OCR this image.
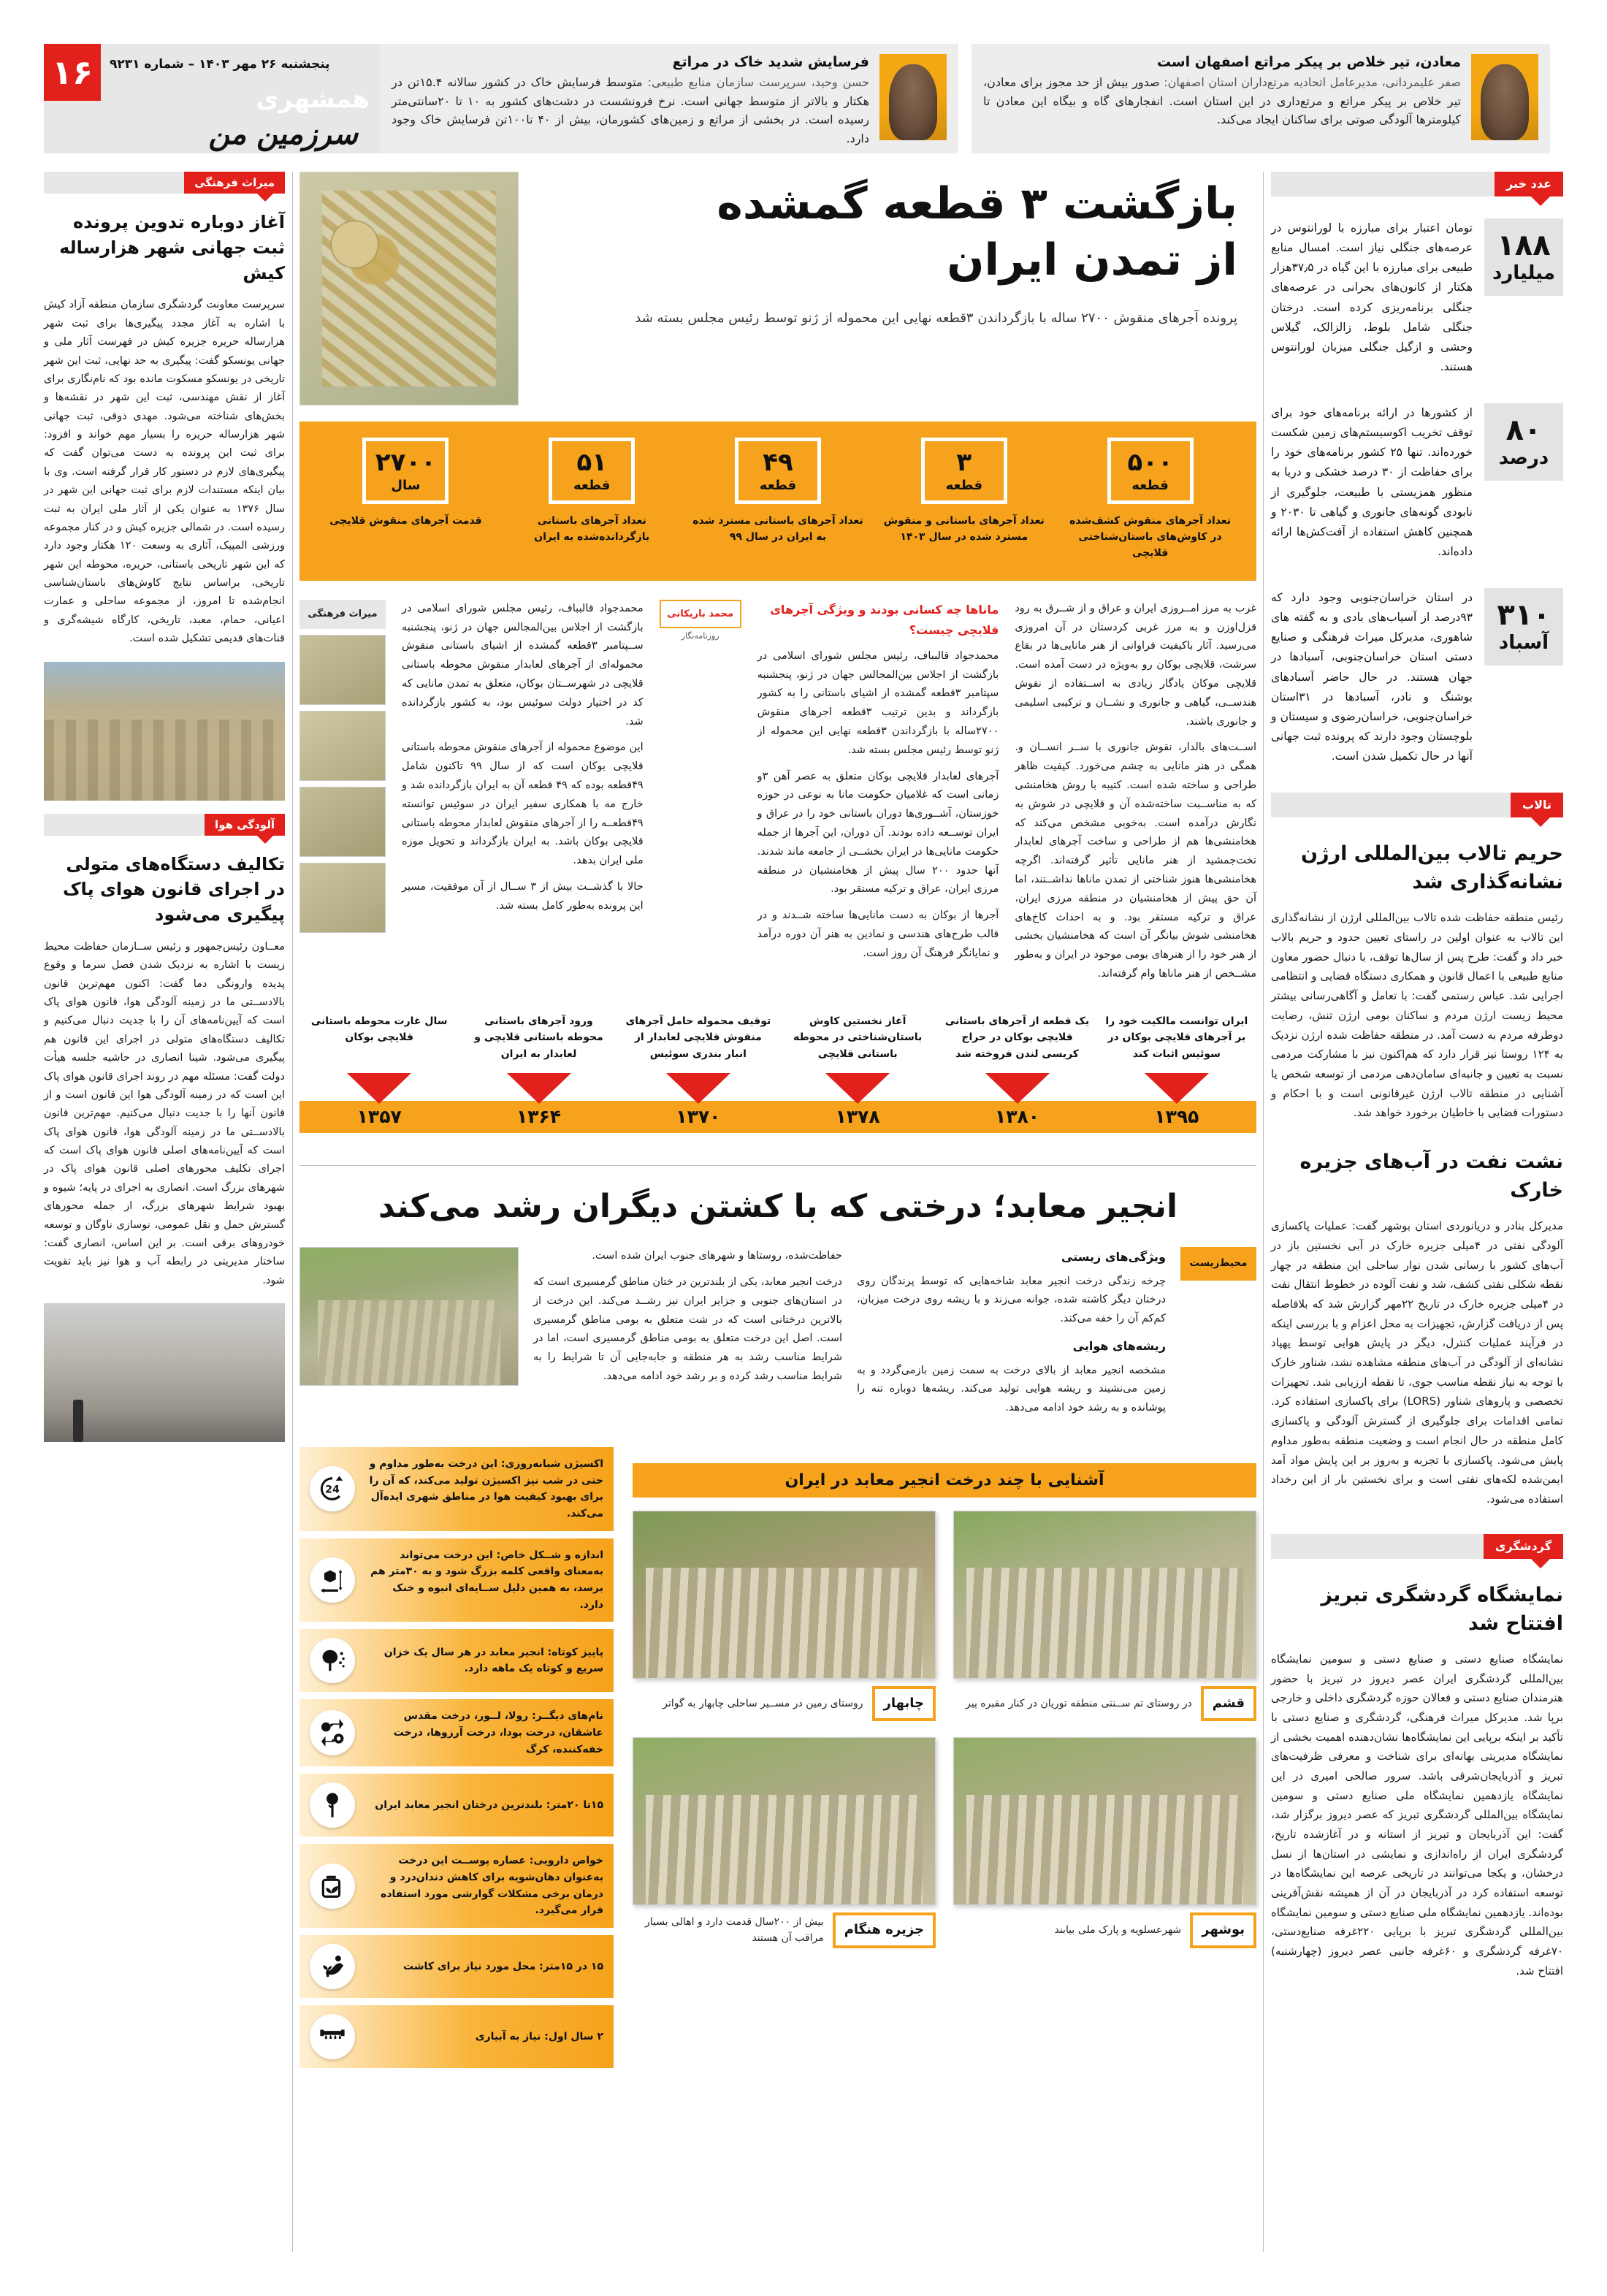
معادن، تیر خلاص بر پیکر مراتع اصفهان است
صفر علیمردانی، مدیرعامل اتحادیه مرتع‌داران استان اصفهان: صدور بیش از حد مجوز برای معادن، تیر خلاص بر پیکر مراتع و مرتع‌داری در این استان است. انفجارهای گاه و بیگاه این معادن تا کیلومترها آلودگی صوتی برای ساکنان ایجاد می‌کند.
فرسایش شدید خاک در مراتع
حسن وحید، سرپرست سازمان منابع طبیعی: متوسط فرسایش خاک در کشور سالانه ۱۵.۴تن در هکتار و بالاتر از متوسط جهانی است. نرخ فرونشست در دشت‌های کشور به ۱۰ تا ۲۰سانتی‌متر رسیده است. در بخشی از مراتع و زمین‌های کشورمان، بیش از ۴۰ تا۱۰۰تن فرسایش خاک وجود دارد.
۱۶	پنجشنبه ۲۶ مهر ۱۴۰۳ – شماره ۹۲۳۱
همشهری
سرزمین من
عدد خبر
۱۸۸
میلیارد
تومان اعتبار برای مبارزه با لورانتوس در عرصه‌های جنگلی نیاز است. امسال منابع طبیعی برای مبارزه با این گیاه در ۳۷٫۵هزار هکتار از کانون‌های بحرانی در عرصه‌های جنگلی برنامه‌ریزی کرده است. درختان جنگلی شامل بلوط، زالزالک، گیلاس وحشی و ازگیل جنگلی میزبان لورانتوس هستند.
۸۰
درصد
از کشورها در ارائه برنامه‌های خود برای توقف تخریب اکوسیستم‌های زمین شکست خورده‌اند. تنها ۲۵ کشور برنامه‌های خود را برای حفاظت از ۳۰ درصد خشکی و دریا به منظور همزیستی با طبیعت، جلوگیری از نابودی گونه‌های جانوری و گیاهی تا ۲۰۳۰ و همچنین کاهش استفاده از آفت‌کش‌ها ارائه داده‌اند.
۳۱۰
آسباد
در استان خراسان‌جنوبی وجود دارد که ۹۳درصد از آسیاب‌های بادی و به گفته‌ های شاهوری، مدیرکل میراث فرهنگی و صنایع دستی استان خراسان‌جنوبی، آسبادها در جهان هستند. در حال حاضر آسبادهای بوشنگ و نادر، آسبادها در ۳۱استان خراسان‌جنوبی، خراسان‌رضوی و سیستان و بلوچستان وجود دارند که پرونده ثبت جهانی آنها در حال تکمیل شدن است.
تالاب
حریم تالاب بین‌المللی ارژن نشانه‌گذاری شد
رئیس منطقه حفاظت شده تالاب بین‌المللی ارژن از نشانه‌گذاری این تالاب به عنوان اولین در راستای تعیین حدود و حریم بالاب خبر داد و گفت: طرح پس از سال‌ها توقف، با دنبال حضور معاون منابع طبیعی با اعمال قانون و همکاری دستگاه قضایی و انتظامی اجرایی شد. عباس رستمی گفت: با تعامل و آگاهی‌رسانی بیشتر محیط زیست ارژن مردم و ساکنان بومی ارژن تنش، رضایت دوطرفه مردم به دست آمد. در منطقه حفاظت شده ارژن نزدیک به ۱۲۴ روستا نیز قرار دارد که هم‌اکنون نیز با مشارکت مردمی نسبت به تعیین و جانبه‌ای سامان‌دهی مردمی از توسعه شخص یا آشنایی در منطقه تالاب ارژن غیرقانونی است و با احکام و دستورات قضایی با خاطیان برخورد خواهد شد.
نشت نفت در آب‌های جزیره خارک
مدیرکل بنادر و دریانوردی استان بوشهر گفت: عملیات پاکسازی آلودگی نفتی در ۴میلی جزیره خارک در آبی نخستین باز در آب‌های کشور با رسانی شدن نوار ساحلی این منطقه در چهار نقطه شکلی نفتی کشف، شد و نفت آلوده در خطوط انتقال نفت در ۴میلی جزیره خارک در تاریخ ۲۲مهر گزارش شد که بلافاصله پس از دریافت گزارش، تجهیزات به محل اعزام و با بررسی اینکه در فرآیند عملیات کنترل، دیگر در پایش هوایی توسط پهپاد نشانه‌ای از آلودگی در آب‌های منطقه مشاهده نشد، شناور خارک با توجه به نیاز نقطه مناسب جوی، تا نقطه ارزیابی شد. تجهیزات تخصصی و پاروهای شناور (LORS) برای پاکسازی استفاده کرد. تمامی اقدامات برای جلوگیری از گسترش آلودگی و پاکسازی کامل منطقه در حال انجام است و وضعیت منطقه به‌طور مداوم پایش می‌شود. پاکسازی با تجربه و به‌روز بر این پایش مواد آمد ایمن‌شده لکه‌های نفتی است و برای نخستین بار از این رخداد استفاده می‌شود.
گردشگری
نمایشگاه گردشگری تبریز افتتاح شد
نمایشگاه صنایع دستی و صنایع دستی و سومین نمایشگاه بین‌المللی گردشگری ایران عصر دیروز در تبریز با حضور هنرمندان صنایع دستی و فعالان حوزه گردشگری داخلی و خارجی برپا شد. مدیرکل میراث فرهنگی، گردشگری و صنایع دستی با تأکید بر اینکه برپایی این نمایشگاه‌ها نشان‌دهنده اهمیت بخشی از نمایشگاه مدیریتی بهانه‌ای برای شناخت و معرفی ظرفیت‌های تبریز و آذربایجان‌شرقی باشد. سرور صالحی امیری در این نمایشگاه یازدهمین نمایشگاه ملی صنایع دستی و سومین نمایشگاه بین‌المللی گردشگری تبریز که عصر دیروز برگزار شد، گفت: این آذربایجان و تبریز از استانه و در آغازشده تاریخ، گردشگری ایران از راه‌اندازی و نمایشی در استان‌ها از نسل درخشان، و یکجا می‌توانند در تاریخی عرصه این نمایشگاه‌ها در توسعه استفاده کرد در آذربایجان در آن از همیشه نقش‌آفرینی بوده‌اند. یازدهمین نمایشگاه ملی صنایع دستی و سومین نمایشگاه بین‌المللی گردشگری تبریز با برپایی ۲۲۰غرفه صنایع‌دستی، ۷۰غرفه گردشگری و ۶۰غرفه جانبی عصر دیروز (چهارشنبه) افتتاح شد.
میراث فرهنگی
آغاز دوباره تدوین پرونده ثبت جهانی شهر هزارساله کیش
سرپرست معاونت گردشگری سازمان منطقه آزاد کیش با اشاره به آغاز مجدد پیگیری‌ها برای ثبت شهر هزارساله حریره جزیره کیش در فهرست آثار ملی و جهانی یونسکو گفت: پیگیری به حد نهایی، ثبت این شهر تاریخی در یونسکو مسکوت مانده بود که نام‌نگاری برای آغاز از نقش مهندسی، ثبت این شهر در نقشه‌ها و بخش‌های شناخته می‌شود. مهدی ذوقی، ثبت جهانی شهر هزارساله حریره را بسیار مهم خواند و افزود: برای ثبت این پرونده به دست می‌توان گفت که پیگیری‌های لازم در دستور کار قرار گرفته است. وی با بیان اینکه مستندات لازم برای ثبت جهانی این شهر در سال ۱۳۷۶ به عنوان یکی از آثار ملی ایران به ثبت رسیده است. در شمالی جزیره کیش و در کنار مجموعه ورزشی المپیک، آثاری به وسعت ۱۲۰ هکتار وجود دارد که این شهر تاریخی باستانی، حریره، محوطه این شهر تاریخی، براساس نتایج کاوش‌های باستان‌شناسی انجام‌شده تا امروز، از مجموعه ساحلی و عمارت اعیانی، حمام، معبد، تاریخی، کارگاه شیشه‌گری و قنات‌های قدیمی تشکیل شده است.
آلودگی هوا
تکالیف دستگاه‌های متولی در اجرای قانون هوای پاک پیگیری می‌شود
معــاون رئیس‌جمهور و رئیس ســازمان حفاظت محیط زیست با اشاره به نزدیک شدن فصل سرما و وقوع پدیده وارونگی دما گفت: اکنون مهم‌ترین قانون بالادســتی ما در زمینه آلودگی هوا، قانون هوای پاک است که آیین‌نامه‌های آن را با جدیت دنبال می‌کنیم و تکالیف دستگاه‌های متولی در اجرای این قانون هم پیگیری می‌شود. شینا انصاری در حاشیه جلسه هیأت دولت گفت: مسئله مهم در روند اجرای قانون هوای پاک این است که در زمینه آلودگی هوا این قانون است و از قانون آنها را با جدیت دنبال می‌کنیم. مهم‌ترین قانون بالادســتی ما در زمینه آلودگی هوا، قانون هوای پاک است که آیین‌نامه‌های اصلی قانون هوای پاک است که اجرای تکلیف محورهای اصلی قانون هوای پاک در شهرهای بزرگ است. انصاری به اجرای در پایه؛ شیوه و بهبود شرایط شهرهای بزرگ، از جمله محورهای گسترش حمل و نقل عمومی، نوسازی ناوگان و توسعه خودروهای برقی است. بر این اساس، انصاری گفت: ساختار مدیریتی در رابطه آب و هوا نیز باید تقویت شود.
بازگشت ۳ قطعه گمشده
از تمدن ایران
پرونده آجرهای منقوش ۲۷۰۰ ساله با بازگرداندن ۳قطعه نهایی این محموله از ژنو توسط رئیس مجلس بسته شد
۵۰۰
قطعه
تعداد آجرهای منقوش کشف‌شده در کاوش‌های باستان‌شناختی قلایچی
۳
قطعه
تعداد آجرهای باستانی و منقوش مسترد شده در سال ۱۴۰۳
۴۹
قطعه
تعداد آجرهای باستانی مسترد شده به ایران در سال ۹۹
۵۱
قطعه
تعداد آجرهای باستانی بازگردانده‌شده به ایران
۲۷۰۰
سال
قدمت آجرهای منقوش قلایچی

غرب به مرز امــروزی ایران و عراق و از شــرق به رود قزل‌اوزن و به مرز غربی کردستان در آن امروزی می‌رسید. آثار باکیفیت فراوانی از هنر مانایی‌ها در بقاع سرشت، قلایچی بوکان رو به‌ویژه در دست آمده است. قلایچی موکان یادگار زیادی به اســتفاده از نقوش هندســی، گیاهی و جانوری و نشــان و ترکیبی اسلیمی و جانوری باشند.

اســت‌های بالدار، نقوش جانوری با ســر انســان و. همگی در هنر مانایی به چشم می‌خورد. کیفیت ظاهر طراحی و ساخته شده است. کتیبه با روش هخامنشی که به مناســبت ساخته‌شده آن و قلایچی در شوش به نگارش درآمده است. به‌خوبی مشخص می‌کند که هخامنشی‌ها هم از طراحی و ساخت آجرهای لعابدار تخت‌جمشید از هنر مانایی تأثیر گرفته‌اند. اگرچه هخامنشی‌ها هنوز شناختی از تمدن ماناها نداشــتند، اما آن حق پیش از هخامنشیان در منطقه مرزی ایران، عراق و ترکیه مستقر بود. و به احداث کاخ‌های هخامنشی شوش بیانگر آن است که هخامنشیان بخشی از هنر خود را از هنرهای بومی موجود در ایران و به‌طور مشــخص از هنر ماناها وام گرفته‌اند.

ماناها چه کسانی بودند و ویژگی آجرهای قلایچی چیست؟

محمدجواد قالبباف، رئیس مجلس شورای اسلامی در بازگشت از اجلاس بین‌المجالس جهان در ژنو، پنجشنبه سپتامبر ۳قطعه گمشده از اشیای باستانی را به کشور بازگرداند و بدین ترتیب ۳قطعه اجرهای منقوش ۲۷۰۰ساله با بازگرداندن ۳قطعه نهایی این محموله از ژنو توسط رئیس مجلس بسته شد.

آجرهای لعابدار قلایچی بوکان متعلق به عصر آهن ۳و زمانی است که غلامیان حکومت مانا به نوعی در حوزه خوزستان، آشــوری‌ها دوران باستانی خود را در عراق و ایران توســعه داده بودند. آن دوران، این آجرها از جمله حکومت مانایی‌ها در ایران بخشــی از جامعه ماند شدند. آنها حدود ۲۰۰ سال پیش از هخامنشیان در منطقه مرزی ایران، عراق و ترکیه مستقر بود.

آجرها از بوکان به دست مانایی‌ها ساخته شــدند و در قالب طرح‌های هندسی و نمادین به هنر آن دوره درآمد و نمایانگر فرهنگ آن روز است.

محمد باریکانی
روزنامه‌نگار

محمدجواد قالبباف، رئیس مجلس شورای اسلامی در بازگشت از اجلاس بین‌المجالس جهان در ژنو، پنجشنبه ســپتامبر ۳قطعه گمشده از اشیای باستانی منقوش محموله‌ای از آجرهای لعابدار منقوش محوطه باستانی قلایچی در شهرســتان بوکان، متعلق به تمدن مانایی که کد در اختیار دولت سوئیس بود، به کشور بازگردانده شد.

این موضوع محموله از آجرهای منقوش محوطه باستانی قلایچی بوکان است که از سال ۹۹ تاکنون شامل ۴۹قطعه بوده که ۴۹ قطعه آن به ایران بازگردانده شد و خارج مه با همکاری سفیر ایران در سوئیس توانسته ۴۹قطعــه را از آجرهای منقوش لعابدار محوطه باستانی قلایچی بوکان باشد. به ایران بازگرداند و تحویل موزه ملی ایران بدهد.

حالا با گذشــت بیش از ۳ ســال از آن موفقیت، مسیر این پرونده به‌طور کامل بسته شد.

میراث فرهنگی
ایران توانست مالکیت خود را بر آجرهای قلایچی بوکان در سوئیس اثبات کند
یک قطعه از آجرهای باستانی قلایچی بوکان در حراج کریسی لندن فروخته شد
آغاز نخستین کاوش باستان‌شناختی در محوطه باستانی قلایچی
توقیف محموله حامل آجرهای منقوش قلایچی لعابدار از انبار بندری سوئیس
ورود آجرهای باستانی محوطه باستانی قلایچی و لعابدار به ایران
سال غارت محوطه باستانی قلایچی بوکان
۱۳۹۵
۱۳۸۰
۱۳۷۸
۱۳۷۰
۱۳۶۴
۱۳۵۷
انجیر معابد؛ درختی که با کشتن دیگران رشد می‌کند
محیط‌زیست
ویژگی‌های زیستی

چرخه زندگی درخت انجیر معابد شاخه‌هایی که توسط پرندگان روی درختان دیگر کاشته شده، جوانه می‌زند و با ریشه روی درخت میزبان، کم‌کم آن را خفه می‌کند.

ریشه‌های هوایی

مشخصه انجیر معابد از بالای درخت به سمت زمین بازمی‌گردد و به زمین می‌نشیند و ریشه هوایی تولید می‌کند. ریشه‌ها دوباره تنه را پوشانده و به رشد خود ادامه می‌دهد.

حفاظت‌شده، روستاها و شهرهای جنوب ایران شده است.

درخت انجیر معابد، یکی از بلندترین در ختان مناطق گرمسیری است که در استان‌های جنوبی و جزایر ایران نیز رشــد می‌کند. این درخت از بالاترین درختانی است که در شت متعلق به بومی مناطق گرمسیری است. اصل این درخت متعلق به بومی مناطق گرمسیری است، اما در شرایط مناسب رشد به هر منطقه و جابه‌جایی آن تا شرایط را به شرایط مناسب رشد کرده و بر رشد خود ادامه می‌دهد.

آشنایی با چند درخت انجیر معابد در ایران
قشم
در روستای تم ســنتی منطقه توریان در کنار مقبره پیر
چابهار
روستای رمین در مســیر ساحلی چابهار به گواتر
بوشهر
شهرعسلویه و پارک ملی بیابند
جزیره هنگام
بیش از ۲۰۰سال قدمت دارد و اهالی بسیار مراقب آن هستند
اکسیژن شبانه‌روزی: این درخت به‌طور مداوم و حتی در شب نیز اکسیژن تولید می‌کند، که آن را برای بهبود کیفیت هوا در مناطق شهری ایده‌آل می‌کند.
24
اندازه و شــکل خاص: این درخت می‌تواند به‌معنای واقعی کلمه بزرگ شود و به ۳۰متر هم برسد، به همین دلیل ســایه‌ای انبوه و خنک دارد.
پاییز کوتاه: انجیر معابد در هر سال یک خزان سریع و کوتاه یک ماهه دارد.
نام‌های دیگــر: رولا، لــور، درخت مقدس عاشقان، درخت بودا، درخت آرزوها، درخت خفه‌کننده، کرگ
۱۵تا ۲۰متر: بلندترین درختان انجیر معابد ایران
خواص دارویی: عصاره پوســت این درخت به‌عنوان دهان‌شویه برای کاهش دندان‌درد و درمان برخی مشکلات گوارشی مورد استفاده قرار می‌گیرد.
۱۵ در ۱۵متر: محل مورد نیاز برای کاشت
۲ سال اول: نیاز به آبیاری
